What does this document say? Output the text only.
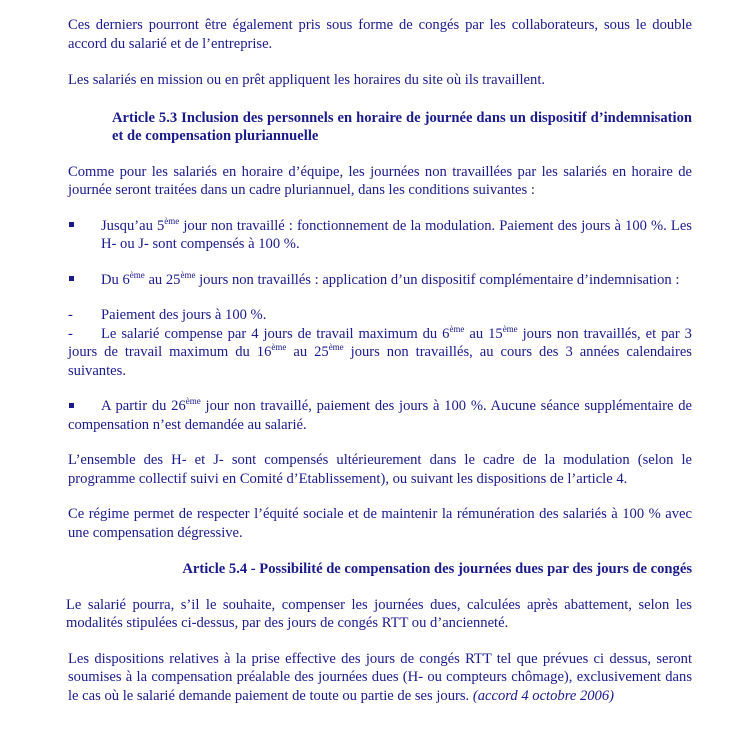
Ces derniers pourront être également pris sous forme de congés par les collaborateurs, sous le double accord du salarié et de l’entreprise.

Les salariés en mission ou en prêt appliquent les horaires du site où ils travaillent.

Article 5.3 Inclusion des personnels en horaire de journée dans un dispositif d’indemnisation et de compensation pluriannuelle

Comme pour les salariés en horaire d’équipe, les journées non travaillées par les salariés en horaire de journée seront traitées dans un cadre pluriannuel, dans les conditions suivantes :

Jusqu’au 5ème jour non travaillé : fonctionnement de la modulation. Paiement des jours à 100 %. Les H- ou J- sont compensés à 100 %.
Du 6ème au 25ème jours non travaillés : application d’un dispositif complémentaire d’indemnisation :
-	Paiement des jours à 100 %.
- Le salarié compense par 4 jours de travail maximum du 6ème au 15ème jours non travaillés, et par 3 jours de travail maximum du 16ème au 25ème jours non travaillés, au cours des 3 années calendaires suivantes.
A partir du 26ème jour non travaillé, paiement des jours à 100 %. Aucune séance supplémentaire de compensation n’est demandée au salarié.

L’ensemble des H- et J- sont compensés ultérieurement dans le cadre de la modulation (selon le programme collectif suivi en Comité d’Etablissement), ou suivant les dispositions de l’article 4.

Ce régime permet de respecter l’équité sociale et de maintenir la rémunération des salariés à 100 % avec une compensation dégressive.

Article 5.4 - Possibilité de compensation des journées dues par des jours de congés

Le salarié pourra, s’il le souhaite, compenser les journées dues, calculées après abattement, selon les modalités stipulées ci-dessus, par des jours de congés RTT ou d’ancienneté.

Les dispositions relatives à la prise effective des jours de congés RTT tel que prévues ci dessus, seront soumises à la compensation préalable des journées dues (H- ou compteurs chômage), exclusivement dans le cas où le salarié demande paiement de toute ou partie de ses jours. (accord 4 octobre 2006)
